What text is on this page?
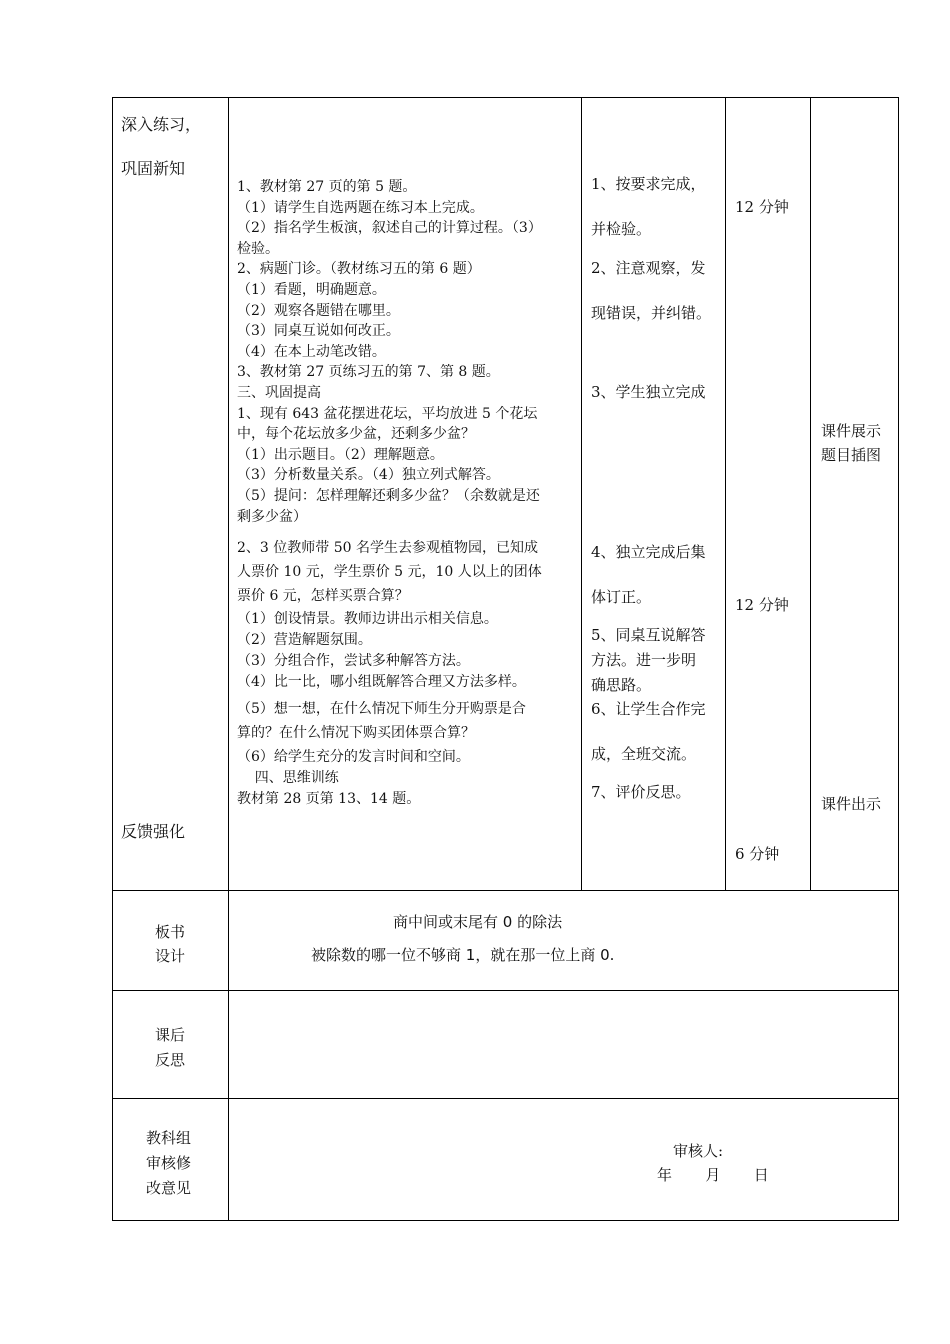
深入练习，
巩固新知
反馈强化
1、教材第 27 页的第 5 题。
（1）请学生自选两题在练习本上完成。
（2）指名学生板演，叙述自己的计算过程。（3）
检验。
2、病题门诊。（教材练习五的第 6 题）
（1）看题，明确题意。
（2）观察各题错在哪里。
（3）同桌互说如何改正。
（4）在本上动笔改错。
3、教材第 27 页练习五的第 7、第 8 题。
三、巩固提高
1、现有 643 盆花摆进花坛，平均放进 5 个花坛
中，每个花坛放多少盆，还剩多少盆？
（1）出示题目。（2）理解题意。
（3）分析数量关系。（4）独立列式解答。
（5）提问：怎样理解还剩多少盆？（余数就是还
剩多少盆）
2、3 位教师带 50 名学生去参观植物园，已知成
人票价 10 元，学生票价 5 元，10 人以上的团体
票价 6 元，怎样买票合算？
（1）创设情景。教师边讲出示相关信息。
（2）营造解题氛围。
（3）分组合作，尝试多种解答方法。
（4）比一比，哪小组既解答合理又方法多样。
（5）想一想，在什么情况下师生分开购票是合
算的？在什么情况下购买团体票合算？
（6）给学生充分的发言时间和空间。
四、思维训练
教材第 28 页第 13、14 题。
1、按要求完成，
并检验。
2、注意观察，发
现错误，并纠错。
3、学生独立完成
4、独立完成后集
体订正。
5、同桌互说解答
方法。进一步明
确思路。
6、让学生合作完
成，全班交流。
7、评价反思。
12 分钟
12 分钟
6 分钟
课件展示
题目插图
课件出示
板书
设计
商中间或末尾有 0 的除法
被除数的哪一位不够商 1，就在那一位上商 0.
课后
反思
教科组
审核修
改意见
审核人:
年       月       日
